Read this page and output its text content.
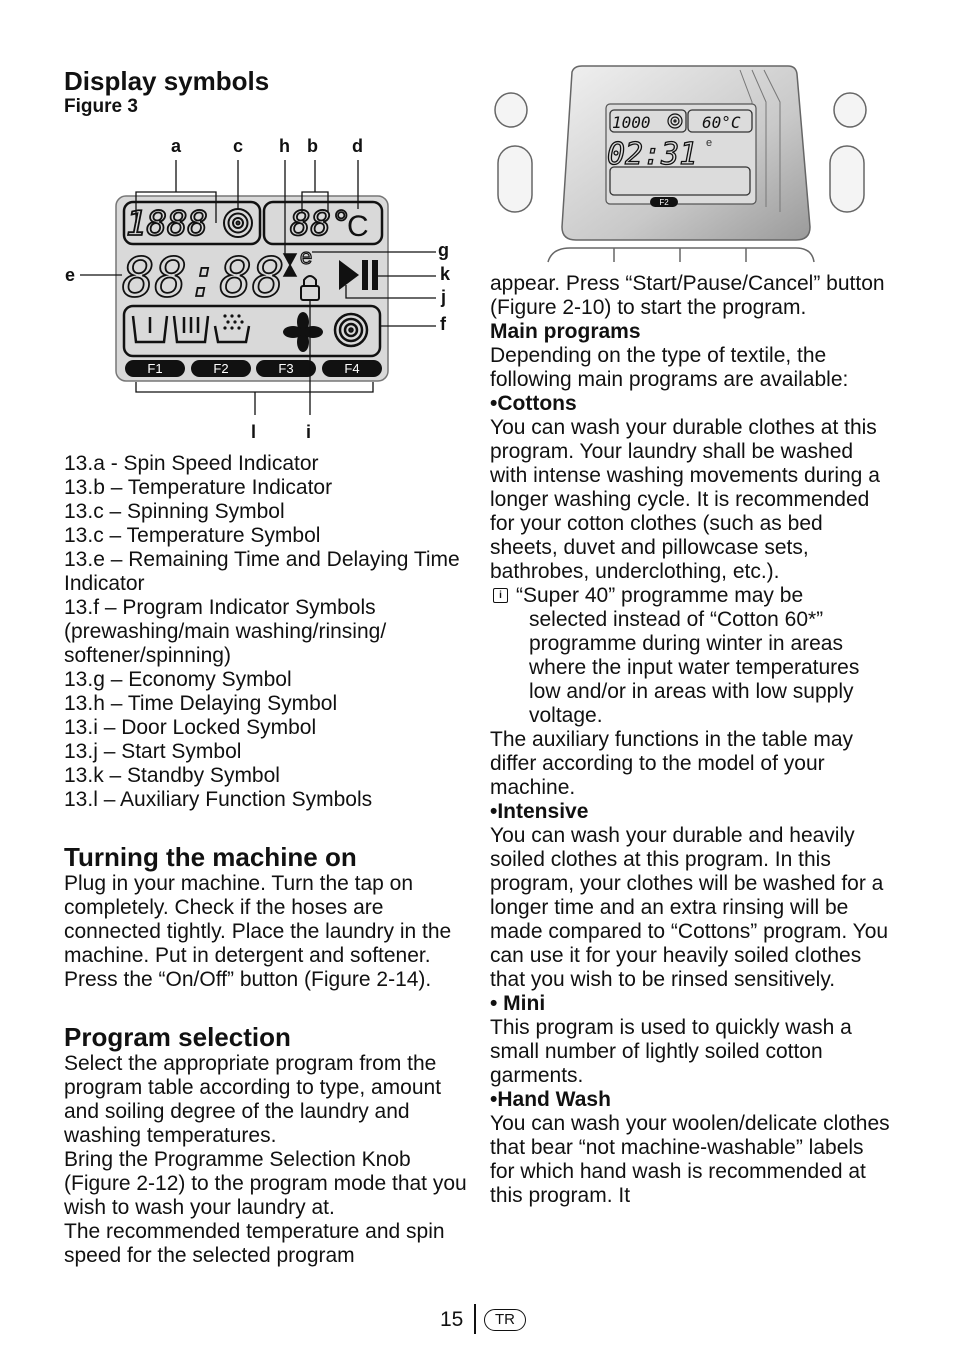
Display symbols
Figure 3

13.a - Spin Speed Indicator

13.b – Temperature Indicator

13.c – Spinning Symbol

13.c – Temperature Symbol

13.e – Remaining Time and Delaying Time Indicator

13.f – Program Indicator Symbols (prewashing/main washing/rinsing/ softener/spinning)

13.g – Economy Symbol

13.h – Time Delaying Symbol

13.i – Door Locked Symbol

13.j – Start Symbol

13.k – Standby Symbol

13.l – Auxiliary Function Symbols

Turning the machine on

Plug in your machine. Turn the tap on completely. Check if the hoses are connected tightly. Place the laundry in the machine. Put in detergent and softener. Press the “On/Off” button (Figure 2-14).

Program selection

Select the appropriate program from the program table according to type, amount and soiling degree of the laundry and washing temperatures.

Bring the Programme Selection Knob (Figure 2-12) to the program mode that you wish to wash your laundry at.

The recommended temperature and spin speed for the selected program

a	c h b d
e
g
k
j
f
l	i
1888 88°
88:88
C
e
F1	F2	F3	F4
1000	60°C
02:31 e
F2

appear. Press “Start/Pause/Cancel” button (Figure 2-10) to start the program.

Main programs

Depending on the type of textile, the following main programs are available:

•Cottons

You can wash your durable clothes at this program. Your laundry shall be washed with intense washing movements during a longer washing cycle. It is recommended for your cotton clothes (such as bed sheets, duvet and pillowcase sets, bathrobes, underclothing, etc.).

i “Super 40” programme may be
selected instead of “Cotton 60*” programme during winter in areas where the input water temperatures low and/or in areas with low supply voltage.

The auxiliary functions in the table may differ according to the model of your machine.

•Intensive

You can wash your durable and heavily soiled clothes at this program. In this program, your clothes will be washed for a longer time and an extra rinsing will be made compared to “Cottons” program. You can use it for your heavily soiled clothes that you wish to be rinsed sensitively.

• Mini

This program is used to quickly wash a small number of lightly soiled cotton garments.

•Hand Wash

You can wash your woolen/delicate clothes that bear “not machine-washable” labels for which hand wash is recommended at this program. It

15	TR
